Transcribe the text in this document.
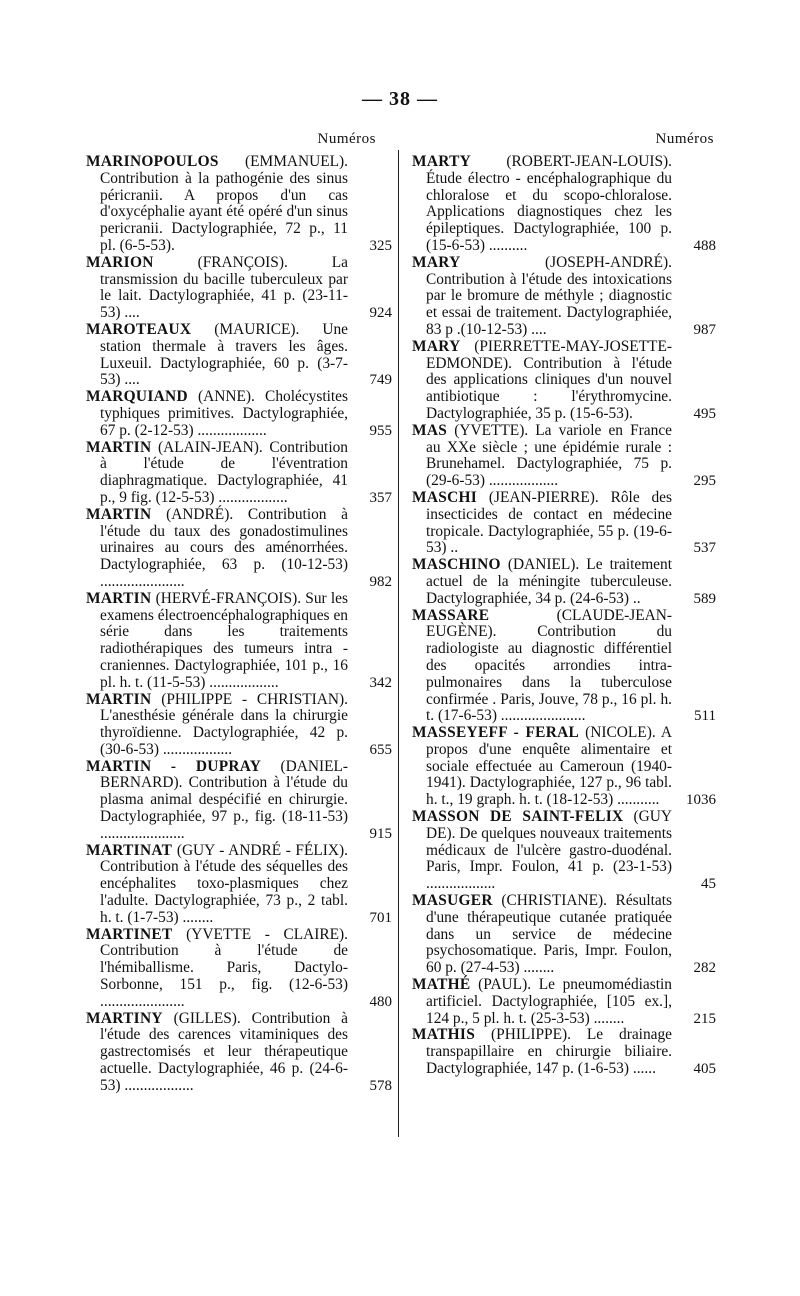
— 38 —
Numéros	Numéros
MARINOPOULOS (EMMANUEL). Contribution à la pathogénie des sinus péricranii. A propos d'un cas d'oxycéphalie ayant été opéré d'un sinus pericranii. Dactylographiée, 72 p., 11 pl. (6-5-53).	325
MARION	(FRANÇOIS). La transmission du bacille tuberculeux par le lait. Dactylographiée, 41 p. (23-11-53) ....	924
MAROTEAUX (MAURICE). Une station thermale à travers les âges. Luxeuil. Dactylographiée, 60 p. (3-7-53) ....	749
MARQUIAND (ANNE). Cholécystites typhiques primitives. Dactylographiée, 67 p. (2-12-53) ..................	955
MARTIN (ALAIN-JEAN). Contribution à l'étude de l'éventration diaphragmatique. Dactylographiée, 41 p., 9 fig. (12-5-53) ..................	357
MARTIN (ANDRÉ). Contribution à l'étude du taux des gonadostimulines urinaires au cours des aménorrhées. Dactylographiée, 63 p. (10-12-53) ......................	982
MARTIN (HERVÉ-FRANÇOIS). Sur les examens électroencéphalographiques en série dans les traitements radiothérapiques des tumeurs intra - craniennes. Dactylographiée, 101 p., 16 pl. h. t. (11-5-53) ..................	342
MARTIN (PHILIPPE - CHRISTIAN). L'anesthésie générale dans la chirurgie thyroïdienne. Dactylographiée, 42 p. (30-6-53) ..................	655
MARTIN - DUPRAY (DANIEL-BERNARD). Contribution à l'étude du plasma animal despécifié en chirurgie. Dactylographiée, 97 p., fig. (18-11-53) ......................	915
MARTINAT (GUY - ANDRÉ - FÉLIX). Contribution à l'étude des séquelles des encéphalites toxo-plasmiques chez l'adulte. Dactylographiée, 73 p., 2 tabl. h. t. (1-7-53) ........	701
MARTINET (YVETTE - CLAIRE). Contribution à l'étude de l'hémiballisme. Paris, Dactylo-Sorbonne, 151 p., fig. (12-6-53) ......................	480
MARTINY (GILLES). Contribution à l'étude des carences vitaminiques des gastrectomisés et leur thérapeutique actuelle. Dactylographiée, 46 p. (24-6-53) ..................	578
MARTY (ROBERT-JEAN-LOUIS). Étude électro - encéphalographique du chloralose et du scopo-chloralose. Applications diagnostiques chez les épileptiques. Dactylographiée, 100 p. (15-6-53) ..........	488
MARY	(JOSEPH-ANDRÉ). Contribution à l'étude des intoxications par le bromure de méthyle ; diagnostic et essai de traitement. Dactylographiée, 83 p .(10-12-53) ....	987
MARY (PIERRETTE-MAY-JOSETTE-EDMONDE). Contribution à l'étude des applications cliniques d'un nouvel antibiotique : l'érythromycine. Dactylographiée, 35 p. (15-6-53).	495
MAS (YVETTE). La variole en France au XXe siècle ; une épidémie rurale : Brunehamel. Dactylographiée, 75 p. (29-6-53) ..................	295
MASCHI (JEAN-PIERRE). Rôle des insecticides de contact en médecine tropicale. Dactylographiée, 55 p. (19-6-53) ..	537
MASCHINO (DANIEL). Le traitement actuel de la méningite tuberculeuse. Dactylographiée, 34 p. (24-6-53) ..	589
MASSARE	(CLAUDE-JEAN-EUGÈNE). Contribution du radiologiste au diagnostic différentiel des opacités arrondies intra-pulmonaires dans la tuberculose confirmée . Paris, Jouve, 78 p., 16 pl. h. t. (17-6-53) ......................	511
MASSEYEFF - FERAL (NICOLE). A propos d'une enquête alimentaire et sociale effectuée au Cameroun (1940-1941). Dactylographiée, 127 p., 96 tabl. h. t., 19 graph. h. t. (18-12-53) ...........	1036
MASSON DE SAINT-FELIX (GUY DE). De quelques nouveaux traitements médicaux de l'ulcère gastro-duodénal. Paris, Impr. Foulon, 41 p. (23-1-53) ..................	45
MASUGER (CHRISTIANE). Résultats d'une thérapeutique cutanée pratiquée dans un service de médecine psychosomatique. Paris, Impr. Foulon, 60 p. (27-4-53) ........	282
MATHÉ (PAUL). Le pneumomédiastin artificiel. Dactylographiée, [105 ex.], 124 p., 5 pl. h. t. (25-3-53) ........	215
MATHIS (PHILIPPE). Le drainage transpapillaire en chirurgie biliaire. Dactylographiée, 147 p. (1-6-53) ......	405
